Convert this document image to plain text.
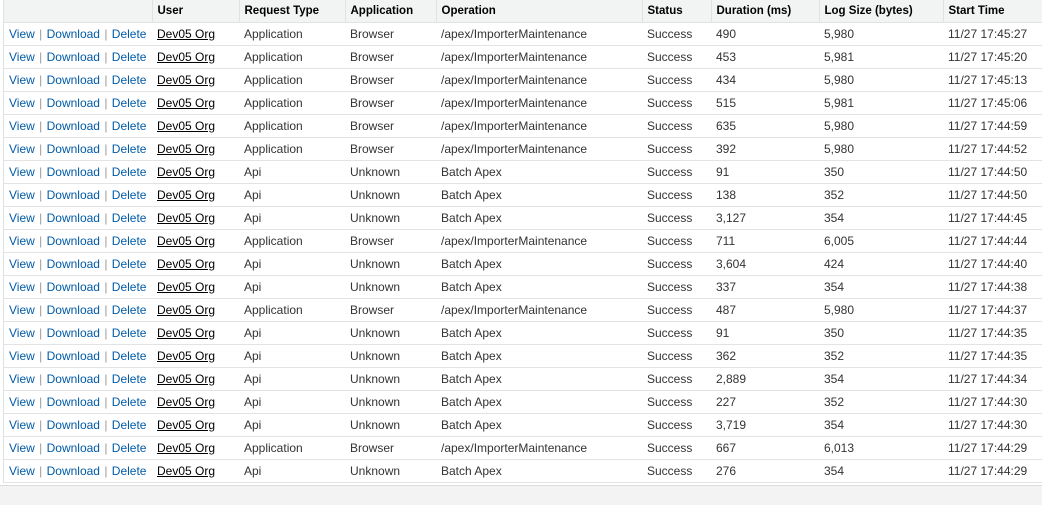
	User	Request Type	Application	Operation	Status	Duration (ms)	Log Size (bytes)	Start Time
View | Download | Delete	Dev05 Org	Application	Browser	/apex/ImporterMaintenance	Success	490	5,980	11/27 17:45:27
View | Download | Delete	Dev05 Org	Application	Browser	/apex/ImporterMaintenance	Success	453	5,981	11/27 17:45:20
View | Download | Delete	Dev05 Org	Application	Browser	/apex/ImporterMaintenance	Success	434	5,980	11/27 17:45:13
View | Download | Delete	Dev05 Org	Application	Browser	/apex/ImporterMaintenance	Success	515	5,981	11/27 17:45:06
View | Download | Delete	Dev05 Org	Application	Browser	/apex/ImporterMaintenance	Success	635	5,980	11/27 17:44:59
View | Download | Delete	Dev05 Org	Application	Browser	/apex/ImporterMaintenance	Success	392	5,980	11/27 17:44:52
View | Download | Delete	Dev05 Org	Api	Unknown	Batch Apex	Success	91	350	11/27 17:44:50
View | Download | Delete	Dev05 Org	Api	Unknown	Batch Apex	Success	138	352	11/27 17:44:50
View | Download | Delete	Dev05 Org	Api	Unknown	Batch Apex	Success	3,127	354	11/27 17:44:45
View | Download | Delete	Dev05 Org	Application	Browser	/apex/ImporterMaintenance	Success	711	6,005	11/27 17:44:44
View | Download | Delete	Dev05 Org	Api	Unknown	Batch Apex	Success	3,604	424	11/27 17:44:40
View | Download | Delete	Dev05 Org	Api	Unknown	Batch Apex	Success	337	354	11/27 17:44:38
View | Download | Delete	Dev05 Org	Application	Browser	/apex/ImporterMaintenance	Success	487	5,980	11/27 17:44:37
View | Download | Delete	Dev05 Org	Api	Unknown	Batch Apex	Success	91	350	11/27 17:44:35
View | Download | Delete	Dev05 Org	Api	Unknown	Batch Apex	Success	362	352	11/27 17:44:35
View | Download | Delete	Dev05 Org	Api	Unknown	Batch Apex	Success	2,889	354	11/27 17:44:34
View | Download | Delete	Dev05 Org	Api	Unknown	Batch Apex	Success	227	352	11/27 17:44:30
View | Download | Delete	Dev05 Org	Api	Unknown	Batch Apex	Success	3,719	354	11/27 17:44:30
View | Download | Delete	Dev05 Org	Application	Browser	/apex/ImporterMaintenance	Success	667	6,013	11/27 17:44:29
View | Download | Delete	Dev05 Org	Api	Unknown	Batch Apex	Success	276	354	11/27 17:44:29
